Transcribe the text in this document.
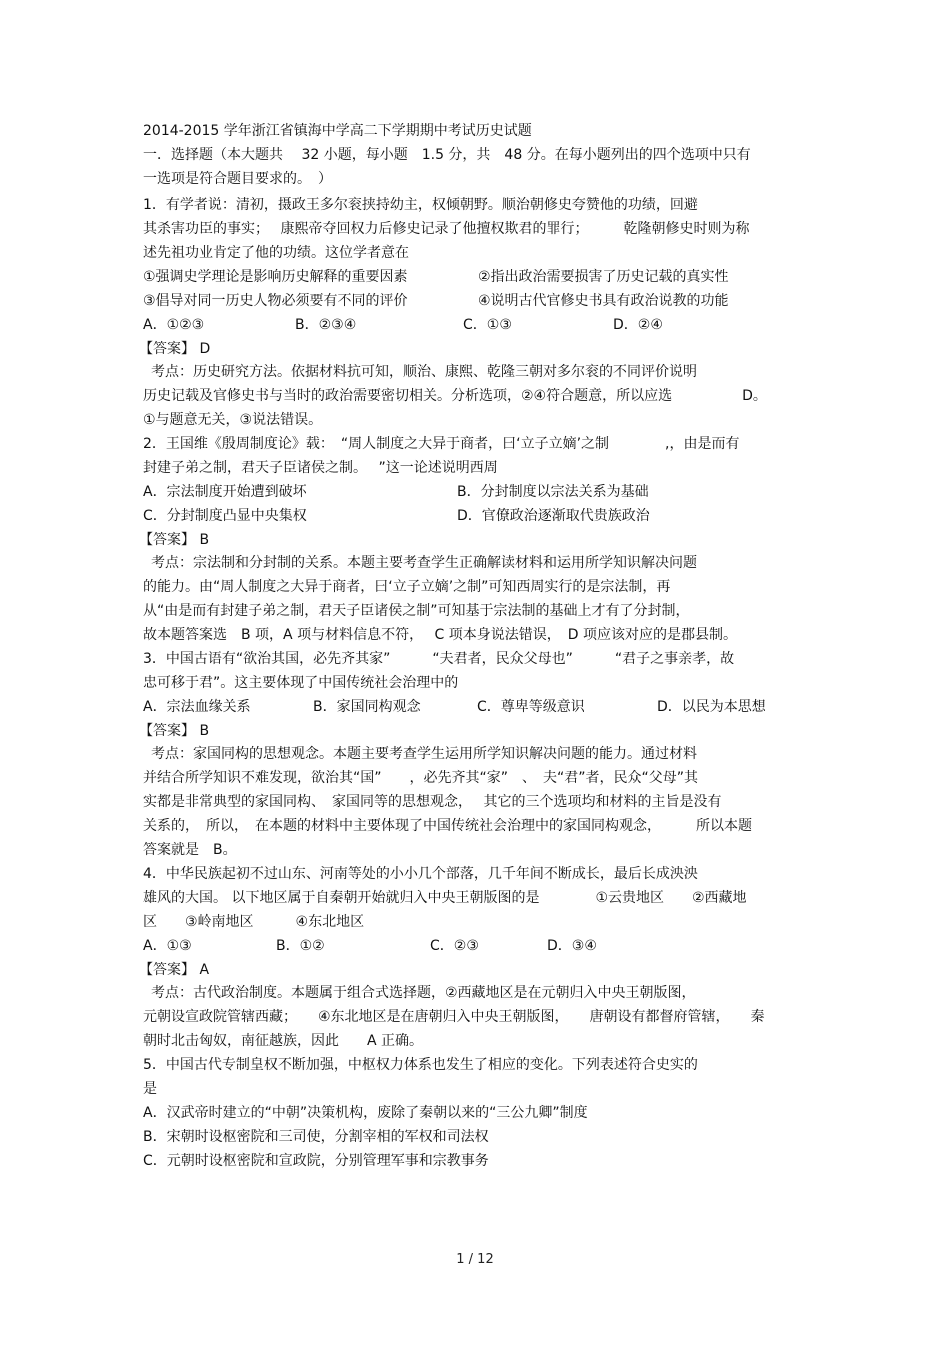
2014-2015 学年浙江省镇海中学高二下学期期中考试历史试题
一．选择题（本大题共　 32 小题，每小题　1.5 分，共　48 分。在每小题列出的四个选项中只有
一选项是符合题目要求的。　）
1．有学者说：清初，摄政王多尔衮挟持幼主，权倾朝野。顺治朝修史夸赞他的功绩，回避
其杀害功臣的事实；　 康熙帝夺回权力后修史记录了他擅权欺君的罪行；　　　乾隆朝修史时则为称
述先祖功业肯定了他的功绩。这位学者意在
①强调史学理论是影响历史解释的重要因素	②指出政治需要损害了历史记载的真实性
③倡导对同一历史人物必须要有不同的评价	④说明古代官修史书具有政治说教的功能
A．①②③	B．②③④	C．①③	D．②④
【答案】 D
考点：历史研究方法。依据材料抗可知，顺治、康熙、乾隆三朝对多尔衮的不同评价说明
历史记载及官修史书与当时的政治需要密切相关。分析选项，②④符合题意，所以应选　　　　　D。
①与题意无关，③说法错误。
2．王国维《殷周制度论》载：　“周人制度之大异于商者，曰‘立子立嫡’之制　　　　,，由是而有
封建子弟之制，君天子臣诸侯之制。　 ”这一论述说明西周
A．宗法制度开始遭到破坏	B．分封制度以宗法关系为基础
C．分封制度凸显中央集权	D．官僚政治逐渐取代贵族政治
【答案】 B
考点：宗法制和分封制的关系。本题主要考查学生正确解读材料和运用所学知识解决问题
的能力。由“周人制度之大异于商者，曰‘立子立嫡’之制”可知西周实行的是宗法制，再
从“由是而有封建子弟之制，君天子臣诸侯之制”可知基于宗法制的基础上才有了分封制，
故本题答案选　B 项，A 项与材料信息不符，　 C 项本身说法错误，　D 项应该对应的是郡县制。
3．中国古语有“欲治其国，必先齐其家”　　　“夫君者，民众父母也”　　　“君子之事亲孝，故
忠可移于君”。这主要体现了中国传统社会治理中的
A．宗法血缘关系	B．家国同构观念	C．尊卑等级意识	D．以民为本思想
【答案】 B
考点：家国同构的思想观念。本题主要考查学生运用所学知识解决问题的能力。通过材料
并结合所学知识不难发现，欲治其“国”　　，必先齐其“家”　、　夫“君”者，民众“父母”其
实都是非常典型的家国同构、　家国同等的思想观念，　 其它的三个选项均和材料的主旨是没有
关系的，　所以，　在本题的材料中主要体现了中国传统社会治理中的家国同构观念，　　　所以本题
答案就是　B。
4．中华民族起初不过山东、河南等处的小小几个部落，几千年间不断成长，最后长成泱泱
雄风的大国。 以下地区属于自秦朝开始就归入中央王朝版图的是　　　　①云贵地区　　②西藏地
区　　③岭南地区　　　④东北地区
A．①③	B．①②	C．②③	D．③④
【答案】 A
考点：古代政治制度。本题属于组合式选择题，②西藏地区是在元朝归入中央王朝版图，
元朝设宣政院管辖西藏；　　④东北地区是在唐朝归入中央王朝版图，　　唐朝设有都督府管辖，　　秦
朝时北击匈奴，南征越族，因此　　A 正确。
5．中国古代专制皇权不断加强，中枢权力体系也发生了相应的变化。下列表述符合史实的
是
A．汉武帝时建立的“中朝”决策机构，废除了秦朝以来的“三公九卿”制度
B．宋朝时设枢密院和三司使，分割宰相的军权和司法权
C．元朝时设枢密院和宣政院，分别管理军事和宗教事务
1 / 12
